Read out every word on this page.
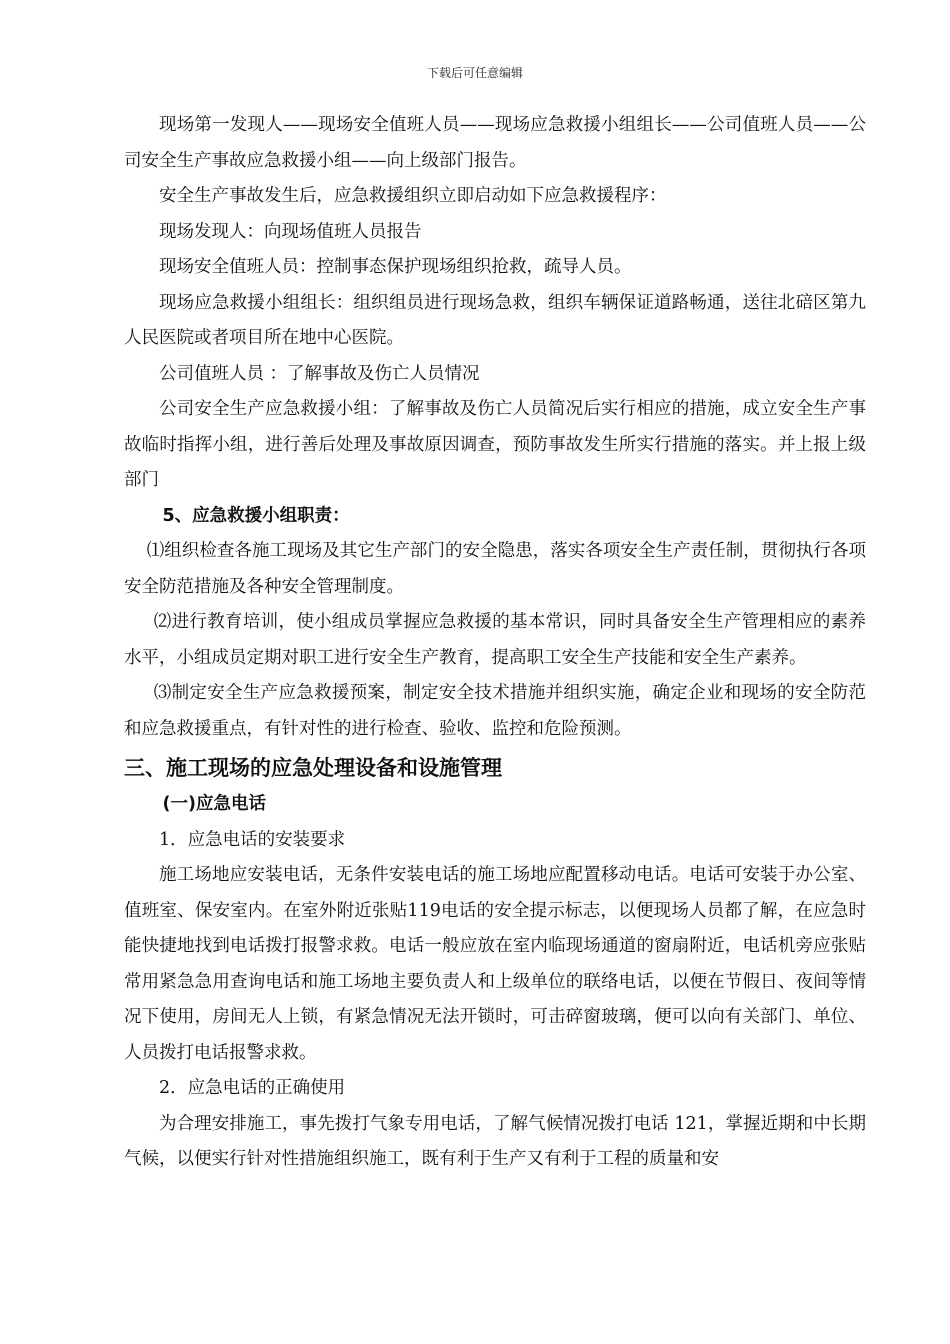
下载后可任意编辑

现场第一发现人——现场安全值班人员——现场应急救援小组组长——公司值班人员——公司安全生产事故应急救援小组——向上级部门报告。

安全生产事故发生后，应急救援组织立即启动如下应急救援程序：

现场发现人：向现场值班人员报告

现场安全值班人员：控制事态保护现场组织抢救，疏导人员。

现场应急救援小组组长：组织组员进行现场急救，组织车辆保证道路畅通，送往北碚区第九人民医院或者项目所在地中心医院。

公司值班人员 ：了解事故及伤亡人员情况

公司安全生产应急救援小组：了解事故及伤亡人员简况后实行相应的措施，成立安全生产事故临时指挥小组，进行善后处理及事故原因调查，预防事故发生所实行措施的落实。并上报上级部门

5、应急救援小组职责：

⑴组织检查各施工现场及其它生产部门的安全隐患，落实各项安全生产责任制，贯彻执行各项安全防范措施及各种安全管理制度。

⑵进行教育培训，使小组成员掌握应急救援的基本常识，同时具备安全生产管理相应的素养水平，小组成员定期对职工进行安全生产教育，提高职工安全生产技能和安全生产素养。

⑶制定安全生产应急救援预案，制定安全技术措施并组织实施，确定企业和现场的安全防范和应急救援重点，有针对性的进行检查、验收、监控和危险预测。

三、施工现场的应急处理设备和设施管理

(一)应急电话

1．应急电话的安装要求

施工场地应安装电话，无条件安装电话的施工场地应配置移动电话。电话可安装于办公室、值班室、保安室内。在室外附近张贴119电话的安全提示标志，以便现场人员都了解，在应急时能快捷地找到电话拨打报警求救。电话一般应放在室内临现场通道的窗扇附近，电话机旁应张贴常用紧急急用查询电话和施工场地主要负责人和上级单位的联络电话，以便在节假日、夜间等情况下使用，房间无人上锁，有紧急情况无法开锁时，可击碎窗玻璃，便可以向有关部门、单位、人员拨打电话报警求救。

2．应急电话的正确使用

为合理安排施工，事先拨打气象专用电话，了解气候情况拨打电话 121，掌握近期和中长期气候，以便实行针对性措施组织施工，既有利于生产又有利于工程的质量和安
